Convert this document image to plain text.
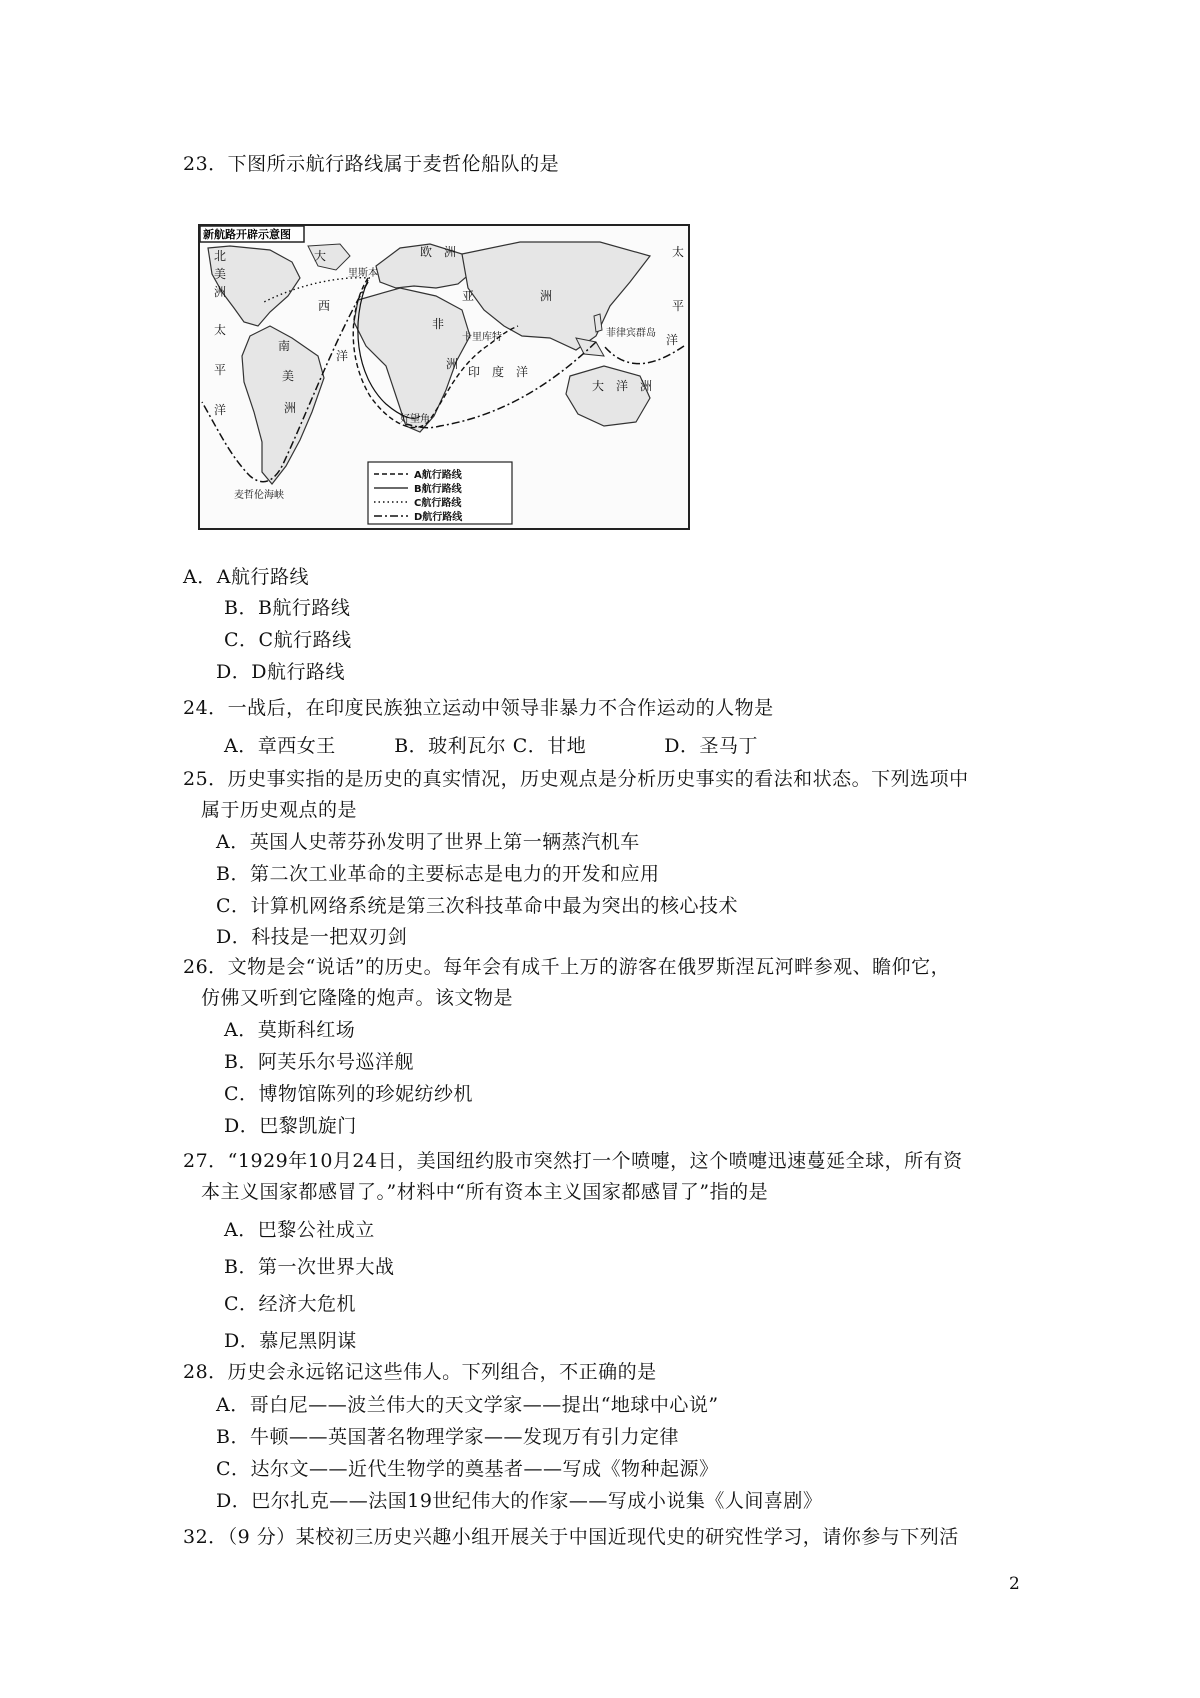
23．下图所示航行路线属于麦哲伦船队的是
新航路开辟示意图
北
美
洲
太
平
洋
大
西
洋
南
美
洲
欧　洲
亚	洲
非
洲
印　度　洋
太
平
洋
大　洋　洲
里斯本
卡里库特	菲律宾群岛
好望角
麦哲伦海峡
A航行路线
B航行路线
C航行路线
D航行路线
A．A航行路线
B．B航行路线
C．C航行路线
D．D航行路线
24．一战后，在印度民族独立运动中领导非暴力不合作运动的人物是
A．章西女王　　　B．玻利瓦尔 C．甘地　　　　D．圣马丁
25．历史事实指的是历史的真实情况，历史观点是分析历史事实的看法和状态。下列选项中
属于历史观点的是
A．英国人史蒂芬孙发明了世界上第一辆蒸汽机车
B．第二次工业革命的主要标志是电力的开发和应用
C．计算机网络系统是第三次科技革命中最为突出的核心技术
D．科技是一把双刃剑
26．文物是会“说话”的历史。每年会有成千上万的游客在俄罗斯涅瓦河畔参观、瞻仰它，
仿佛又听到它隆隆的炮声。该文物是
A．莫斯科红场
B．阿芙乐尔号巡洋舰
C．博物馆陈列的珍妮纺纱机
D．巴黎凯旋门
27．“1929年10月24日，美国纽约股市突然打一个喷嚏，这个喷嚏迅速蔓延全球，所有资
本主义国家都感冒了。”材料中“所有资本主义国家都感冒了”指的是
A．巴黎公社成立
B．第一次世界大战
C．经济大危机
D．慕尼黑阴谋
28．历史会永远铭记这些伟人。下列组合，不正确的是
A．哥白尼——波兰伟大的天文学家——提出“地球中心说”
B．牛顿——英国著名物理学家——发现万有引力定律
C．达尔文——近代生物学的奠基者——写成《物种起源》
D．巴尔扎克——法国19世纪伟大的作家——写成小说集《人间喜剧》
32．（9 分）某校初三历史兴趣小组开展关于中国近现代史的研究性学习，请你参与下列活
2
